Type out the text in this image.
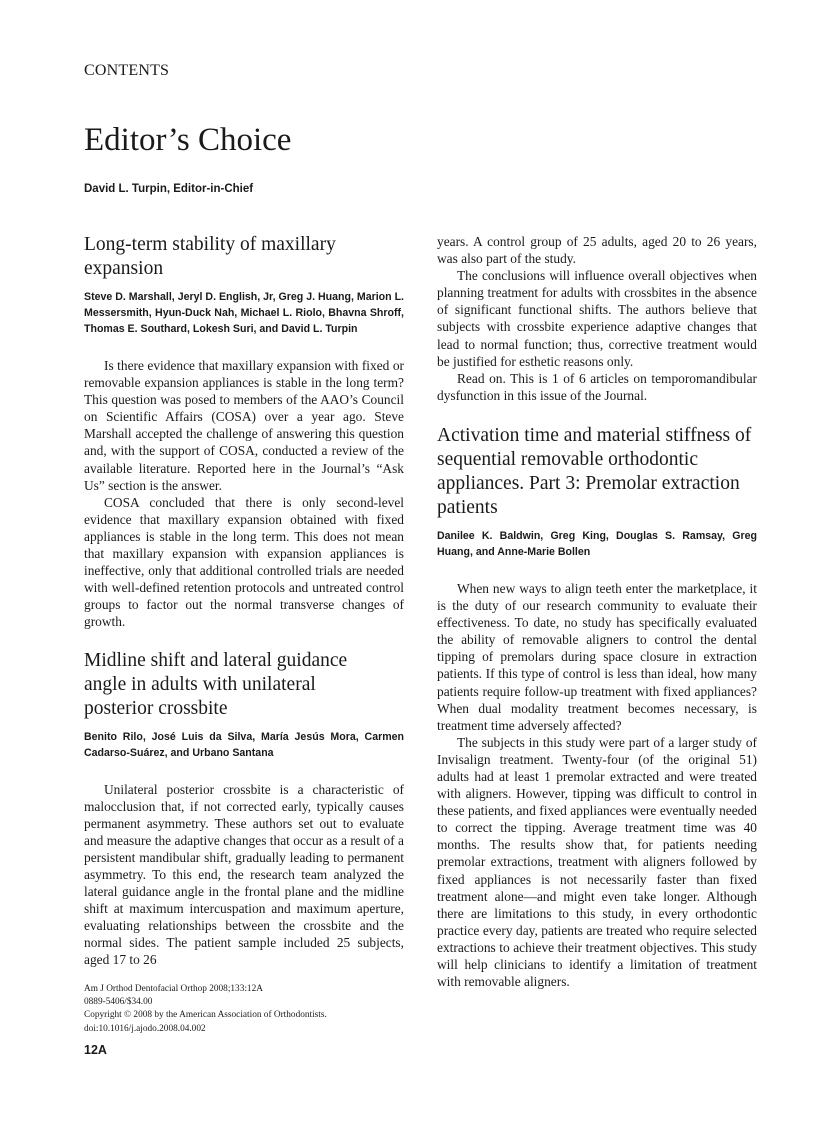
CONTENTS
Editor’s Choice
David L. Turpin, Editor-in-Chief
Long-term stability of maxillary expansion

Steve D. Marshall, Jeryl D. English, Jr, Greg J. Huang, Marion L. Messersmith, Hyun-Duck Nah, Michael L. Riolo, Bhavna Shroff, Thomas E. Southard, Lokesh Suri, and David L. Turpin

Is there evidence that maxillary expansion with fixed or removable expansion appliances is stable in the long term? This question was posed to members of the AAO’s Council on Scientific Affairs (COSA) over a year ago. Steve Marshall accepted the challenge of answering this question and, with the support of COSA, conducted a review of the available literature. Reported here in the Journal’s “Ask Us” section is the answer.

COSA concluded that there is only second-level evidence that maxillary expansion obtained with fixed appliances is stable in the long term. This does not mean that maxillary expansion with expansion appliances is ineffective, only that additional controlled trials are needed with well-defined retention protocols and untreated control groups to factor out the normal transverse changes of growth.

Midline shift and lateral guidance angle in adults with unilateral posterior crossbite

Benito Rilo, José Luis da Silva, María Jesús Mora, Carmen Cadarso-Suárez, and Urbano Santana

Unilateral posterior crossbite is a characteristic of malocclusion that, if not corrected early, typically causes permanent asymmetry. These authors set out to evaluate and measure the adaptive changes that occur as a result of a persistent mandibular shift, gradually leading to permanent asymmetry. To this end, the research team analyzed the lateral guidance angle in the frontal plane and the midline shift at maximum intercuspation and maximum aperture, evaluating relationships between the crossbite and the normal sides. The patient sample included 25 subjects, aged 17 to 26

years. A control group of 25 adults, aged 20 to 26 years, was also part of the study.

The conclusions will influence overall objectives when planning treatment for adults with crossbites in the absence of significant functional shifts. The authors believe that subjects with crossbite experience adaptive changes that lead to normal function; thus, corrective treatment would be justified for esthetic reasons only.

Read on. This is 1 of 6 articles on temporomandibular dysfunction in this issue of the Journal.

Activation time and material stiffness of sequential removable orthodontic appliances. Part 3: Premolar extraction patients

Danilee K. Baldwin, Greg King, Douglas S. Ramsay, Greg Huang, and Anne-Marie Bollen

When new ways to align teeth enter the marketplace, it is the duty of our research community to evaluate their effectiveness. To date, no study has specifically evaluated the ability of removable aligners to control the dental tipping of premolars during space closure in extraction patients. If this type of control is less than ideal, how many patients require follow-up treatment with fixed appliances? When dual modality treatment becomes necessary, is treatment time adversely affected?

The subjects in this study were part of a larger study of Invisalign treatment. Twenty-four (of the original 51) adults had at least 1 premolar extracted and were treated with aligners. However, tipping was difficult to control in these patients, and fixed appliances were eventually needed to correct the tipping. Average treatment time was 40 months. The results show that, for patients needing premolar extractions, treatment with aligners followed by fixed appliances is not necessarily faster than fixed treatment alone—and might even take longer. Although there are limitations to this study, in every orthodontic practice every day, patients are treated who require selected extractions to achieve their treatment objectives. This study will help clinicians to identify a limitation of treatment with removable aligners.

Am J Orthod Dentofacial Orthop 2008;133:12A
0889-5406/$34.00
Copyright © 2008 by the American Association of Orthodontists.
doi:10.1016/j.ajodo.2008.04.002
12A
